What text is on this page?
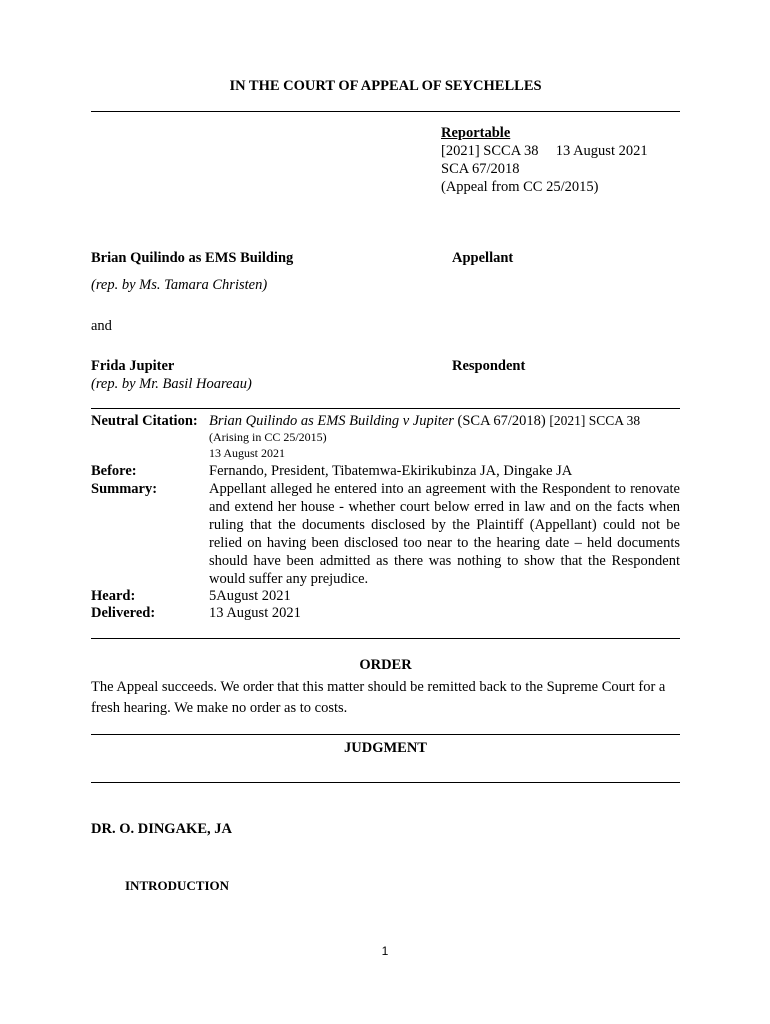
IN THE COURT OF APPEAL OF SEYCHELLES
Reportable
[2021] SCCA 38 13 August 2021
SCA 67/2018
(Appeal from CC 25/2015)
Brian Quilindo as EMS Building	Appellant
(rep. by Ms. Tamara Christen)
and
Frida Jupiter	Respondent
(rep. by Mr. Basil Hoareau)
Neutral Citation: Brian Quilindo as EMS Building v Jupiter (SCA 67/2018) [2021] SCCA 38
(Arising in CC 25/2015)
13 August 2021
Before:	Fernando, President, Tibatemwa-Ekirikubinza JA, Dingake JA
Summary:	Appellant alleged he entered into an agreement with the Respondent to renovate and extend her house - whether court below erred in law and on the facts when ruling that the documents disclosed by the Plaintiff (Appellant) could not be relied on having been disclosed too near to the hearing date – held documents should have been admitted as there was nothing to show that the Respondent would suffer any prejudice.
Heard:	5August 2021
Delivered:	13 August 2021
ORDER
The Appeal succeeds. We order that this matter should be remitted back to the Supreme Court for a fresh hearing. We make no order as to costs.
JUDGMENT
DR. O. DINGAKE, JA
INTRODUCTION
1
